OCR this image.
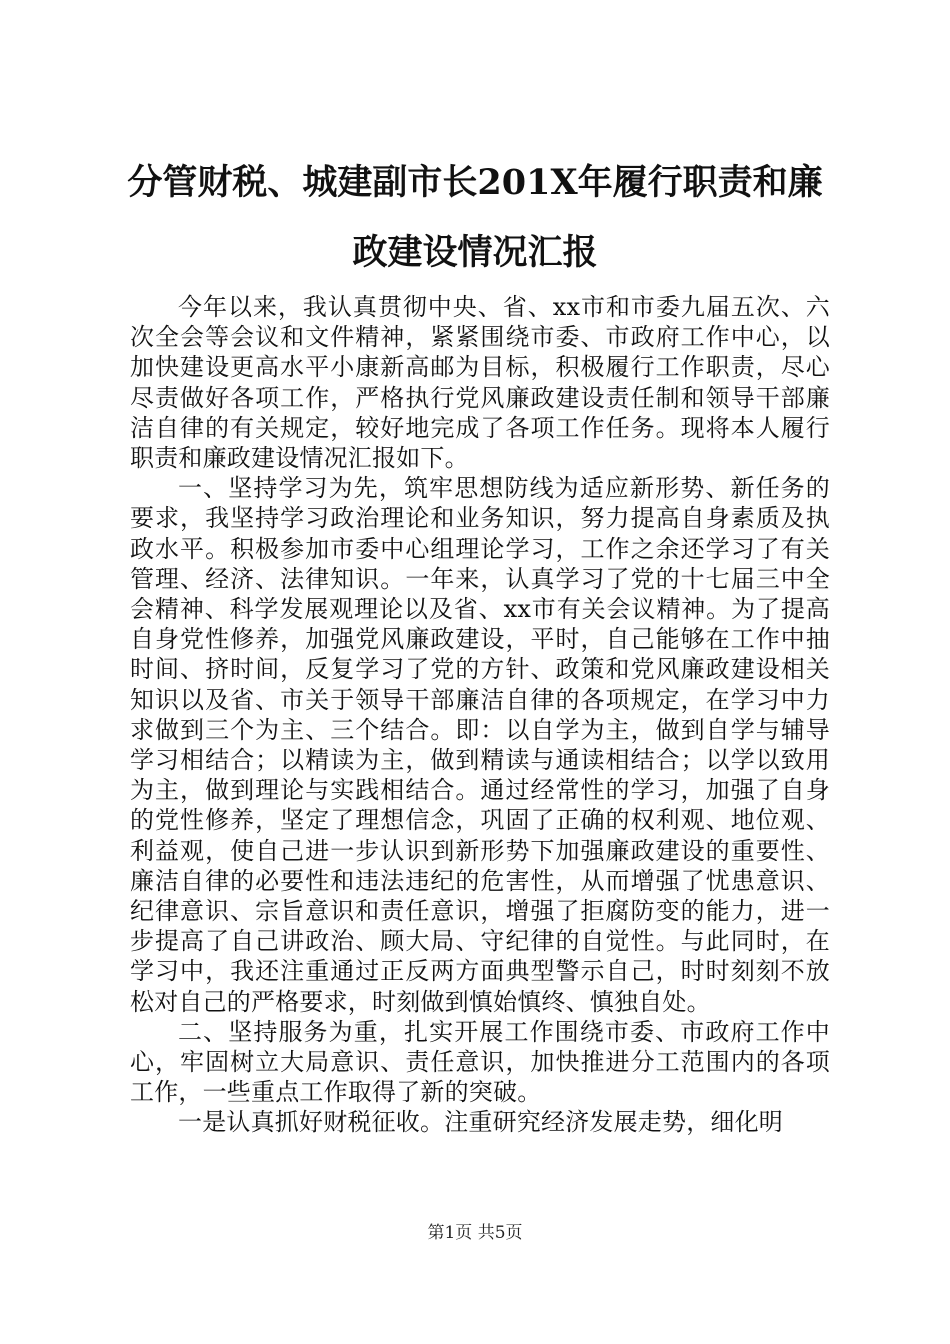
分管财税、城建副市长201X年履行职责和廉
政建设情况汇报

今年以来，我认真贯彻中央、省、xx市和市委九届五次、六次全会等会议和文件精神，紧紧围绕市委、市政府工作中心，以加快建设更高水平小康新高邮为目标，积极履行工作职责，尽心尽责做好各项工作，严格执行党风廉政建设责任制和领导干部廉洁自律的有关规定，较好地完成了各项工作任务。现将本人履行职责和廉政建设情况汇报如下。

一、坚持学习为先，筑牢思想防线为适应新形势、新任务的要求，我坚持学习政治理论和业务知识，努力提高自身素质及执政水平。积极参加市委中心组理论学习，工作之余还学习了有关管理、经济、法律知识。一年来，认真学习了党的十七届三中全会精神、科学发展观理论以及省、xx市有关会议精神。为了提高自身党性修养，加强党风廉政建设，平时，自己能够在工作中抽时间、挤时间，反复学习了党的方针、政策和党风廉政建设相关知识以及省、市关于领导干部廉洁自律的各项规定，在学习中力求做到三个为主、三个结合。即：以自学为主，做到自学与辅导学习相结合；以精读为主，做到精读与通读相结合；以学以致用为主，做到理论与实践相结合。通过经常性的学习，加强了自身的党性修养，坚定了理想信念，巩固了正确的权利观、地位观、利益观，使自己进一步认识到新形势下加强廉政建设的重要性、廉洁自律的必要性和违法违纪的危害性，从而增强了忧患意识、纪律意识、宗旨意识和责任意识，增强了拒腐防变的能力，进一步提高了自己讲政治、顾大局、守纪律的自觉性。与此同时，在学习中，我还注重通过正反两方面典型警示自己，时时刻刻不放松对自己的严格要求，时刻做到慎始慎终、慎独自处。

二、坚持服务为重，扎实开展工作围绕市委、市政府工作中心，牢固树立大局意识、责任意识，加快推进分工范围内的各项工作，一些重点工作取得了新的突破。

一是认真抓好财税征收。注重研究经济发展走势，细化明

第1页 共5页
